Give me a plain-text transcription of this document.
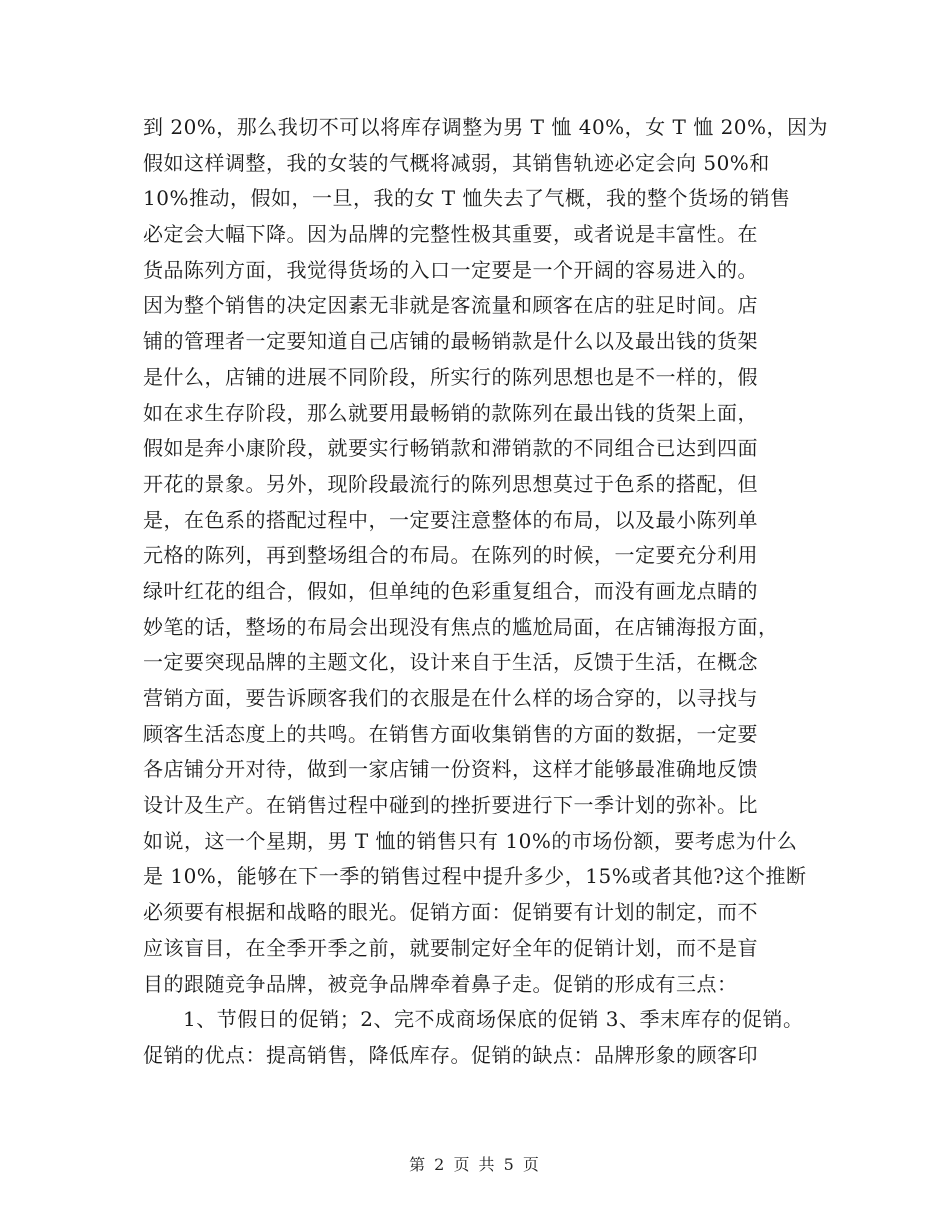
到 20%，那么我切不可以将库存调整为男 T 恤 40%，女 T 恤 20%，因为
假如这样调整，我的女装的气概将减弱，其销售轨迹必定会向 50%和
10%推动，假如，一旦，我的女 T 恤失去了气概，我的整个货场的销售
必定会大幅下降。因为品牌的完整性极其重要，或者说是丰富性。在
货品陈列方面，我觉得货场的入口一定要是一个开阔的容易进入的。
因为整个销售的决定因素无非就是客流量和顾客在店的驻足时间。店
铺的管理者一定要知道自己店铺的最畅销款是什么以及最出钱的货架
是什么，店铺的进展不同阶段，所实行的陈列思想也是不一样的，假
如在求生存阶段，那么就要用最畅销的款陈列在最出钱的货架上面，
假如是奔小康阶段，就要实行畅销款和滞销款的不同组合已达到四面
开花的景象。另外，现阶段最流行的陈列思想莫过于色系的搭配，但
是，在色系的搭配过程中，一定要注意整体的布局，以及最小陈列单
元格的陈列，再到整场组合的布局。在陈列的时候，一定要充分利用
绿叶红花的组合，假如，但单纯的色彩重复组合，而没有画龙点睛的
妙笔的话，整场的布局会出现没有焦点的尴尬局面，在店铺海报方面，
一定要突现品牌的主题文化，设计来自于生活，反馈于生活，在概念
营销方面，要告诉顾客我们的衣服是在什么样的场合穿的，以寻找与
顾客生活态度上的共鸣。在销售方面收集销售的方面的数据，一定要
各店铺分开对待，做到一家店铺一份资料，这样才能够最准确地反馈
设计及生产。在销售过程中碰到的挫折要进行下一季计划的弥补。比
如说，这一个星期，男 T 恤的销售只有 10%的市场份额，要考虑为什么
是 10%，能够在下一季的销售过程中提升多少，15%或者其他?这个推断
必须要有根据和战略的眼光。促销方面：促销要有计划的制定，而不
应该盲目，在全季开季之前，就要制定好全年的促销计划，而不是盲
目的跟随竞争品牌，被竞争品牌牵着鼻子走。促销的形成有三点：
1、节假日的促销；2、完不成商场保底的促销 3、季末库存的促销。
促销的优点：提高销售，降低库存。促销的缺点：品牌形象的顾客印
第 2 页 共 5 页
